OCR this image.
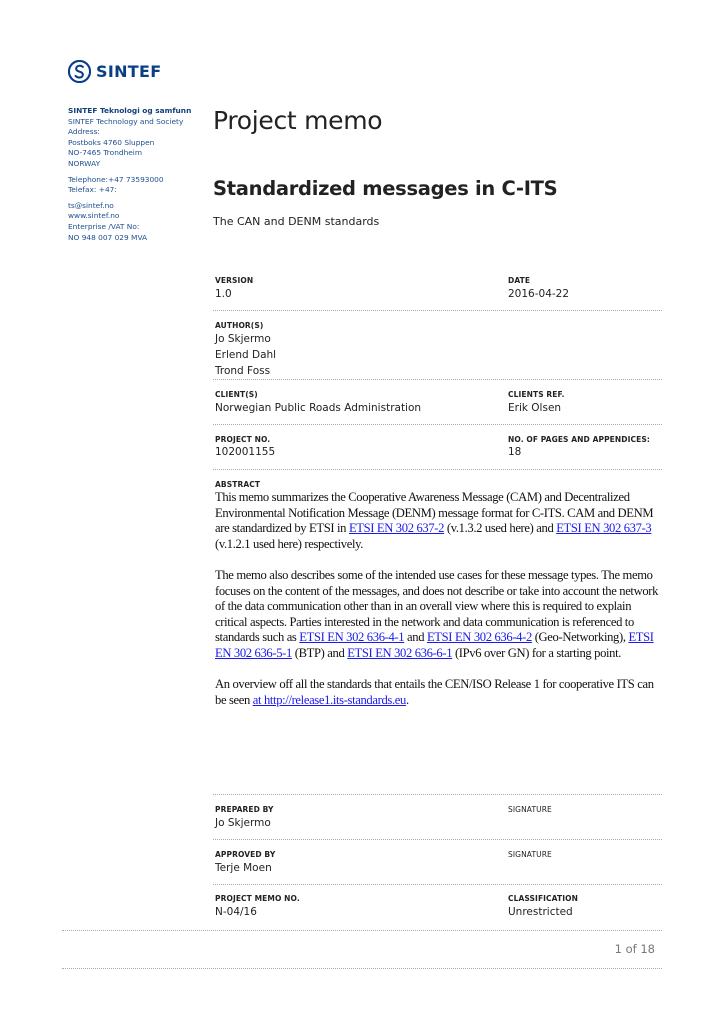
SINTEF
SINTEF Teknologi og samfunn
SINTEF Technology and Society
Address:
Postboks 4760 Sluppen
NO-7465 Trondheim
NORWAY
Telephone:+47 73593000
Telefax: +47:
ts@sintef.no
www.sintef.no
Enterprise /VAT No:
NO 948 007 029 MVA
Project memo
Standardized messages in C-ITS
The CAN and DENM standards
VERSION
1.0
DATE
2016-04-22
AUTHOR(S)
Jo Skjermo
Erlend Dahl
Trond Foss
CLIENT(S)
Norwegian Public Roads Administration
CLIENTS REF.
Erik Olsen
PROJECT NO.
102001155
NO. OF PAGES AND APPENDICES:
18
ABSTRACT

This memo summarizes the Cooperative Awareness Message (CAM) and Decentralized Environmental Notification Message (DENM) message format for C-ITS. CAM and DENM are standardized by ETSI in ETSI EN 302 637-2 (v.1.3.2 used here) and ETSI EN 302 637-3 (v.1.2.1 used here) respectively.

The memo also describes some of the intended use cases for these message types. The memo focuses on the content of the messages, and does not describe or take into account the network of the data communication other than in an overall view where this is required to explain critical aspects. Parties interested in the network and data communication is referenced to standards such as ETSI EN 302 636-4-1 and ETSI EN 302 636-4-2 (Geo-Networking), ETSI EN 302 636-5-1 (BTP) and ETSI EN 302 636-6-1 (IPv6 over GN) for a starting point.

An overview off all the standards that entails the CEN/ISO Release 1 for cooperative ITS can be seen at http://release1.its-standards.eu.

PREPARED BY
Jo Skjermo
SIGNATURE
APPROVED BY
Terje Moen
SIGNATURE
PROJECT MEMO NO.
N-04/16
CLASSIFICATION
Unrestricted
1 of 18
